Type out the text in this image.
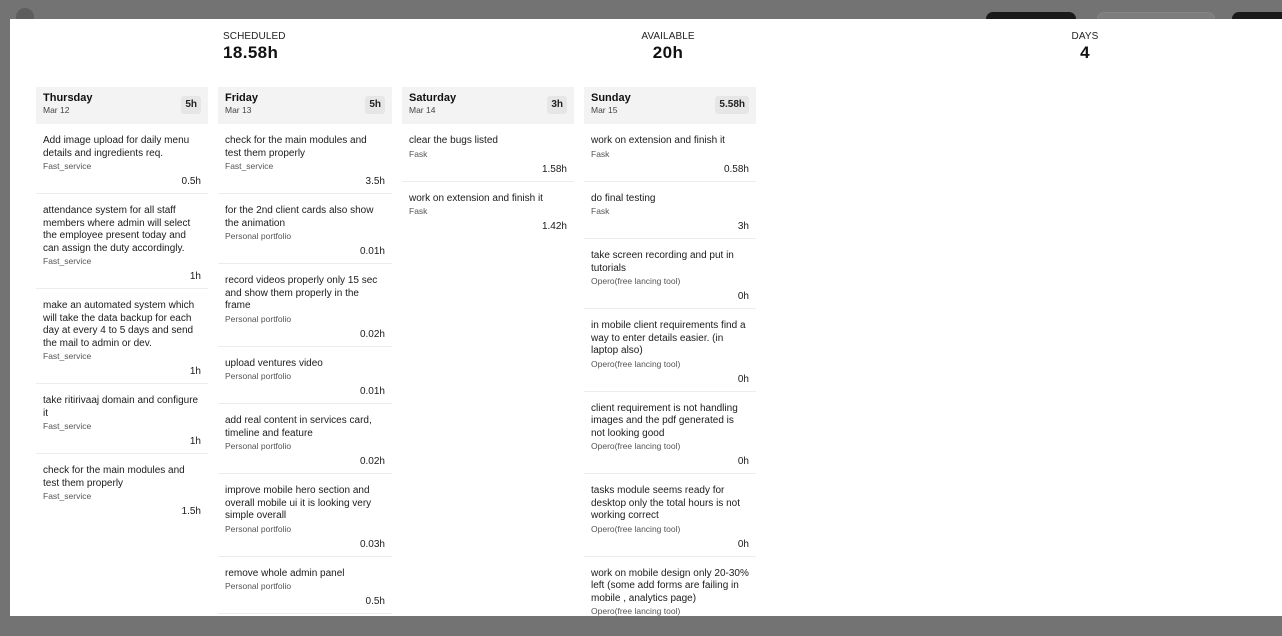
SCHEDULED
18.58h
AVAILABLE
20h
DAYS
4
Thursday
Mar 12	5h
Add image upload for daily menu details and ingredients req.
Fast_service
0.5h
attendance system for all staff members where admin will select the employee present today and can assign the duty accordingly.
Fast_service
1h
make an automated system which will take the data backup for each day at every 4 to 5 days and send the mail to admin or dev.
Fast_service
1h
take ritirivaaj domain and configure it
Fast_service
1h
check for the main modules and test them properly
Fast_service
1.5h
Friday
Mar 13	5h
check for the main modules and test them properly
Fast_service
3.5h
for the 2nd client cards also show the animation
Personal portfolio
0.01h
record videos properly only 15 sec and show them properly in the frame
Personal portfolio
0.02h
upload ventures video
Personal portfolio
0.01h
add real content in services card, timeline and feature
Personal portfolio
0.02h
improve mobile hero section and overall mobile ui it is looking very simple overall
Personal portfolio
0.03h
remove whole admin panel
Personal portfolio
0.5h
Saturday
Mar 14	3h
clear the bugs listed
Fask
1.58h
work on extension and finish it
Fask
1.42h
Sunday
Mar 15	5.58h
work on extension and finish it
Fask
0.58h
do final testing
Fask
3h
take screen recording and put in tutorials
Opero(free lancing tool)
0h
in mobile client requirements find a way to enter details easier. (in laptop also)
Opero(free lancing tool)
0h
client requirement is not handling images and the pdf generated is not looking good
Opero(free lancing tool)
0h
tasks module seems ready for desktop only the total hours is not working correct
Opero(free lancing tool)
0h
work on mobile design only 20-30% left (some add forms are failing in mobile , analytics page)
Opero(free lancing tool)
